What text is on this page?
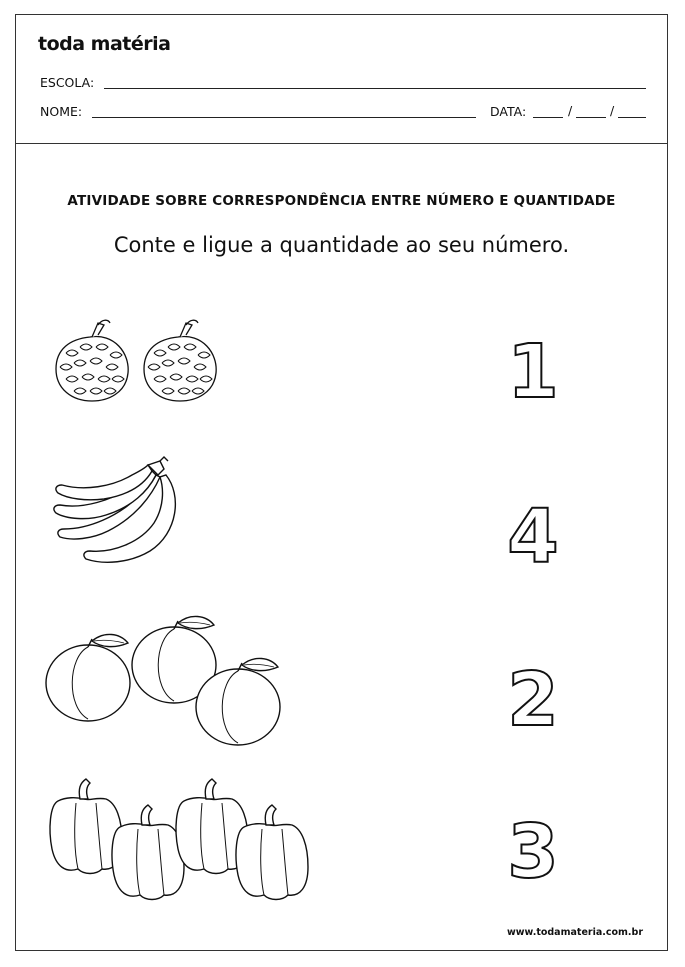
toda matéria
ESCOLA:
NOME:	DATA:	/	/
ATIVIDADE SOBRE CORRESPONDÊNCIA ENTRE NÚMERO E QUANTIDADE
Conte e ligue a quantidade ao seu número.
1
4
2
3
www.todamateria.com.br
